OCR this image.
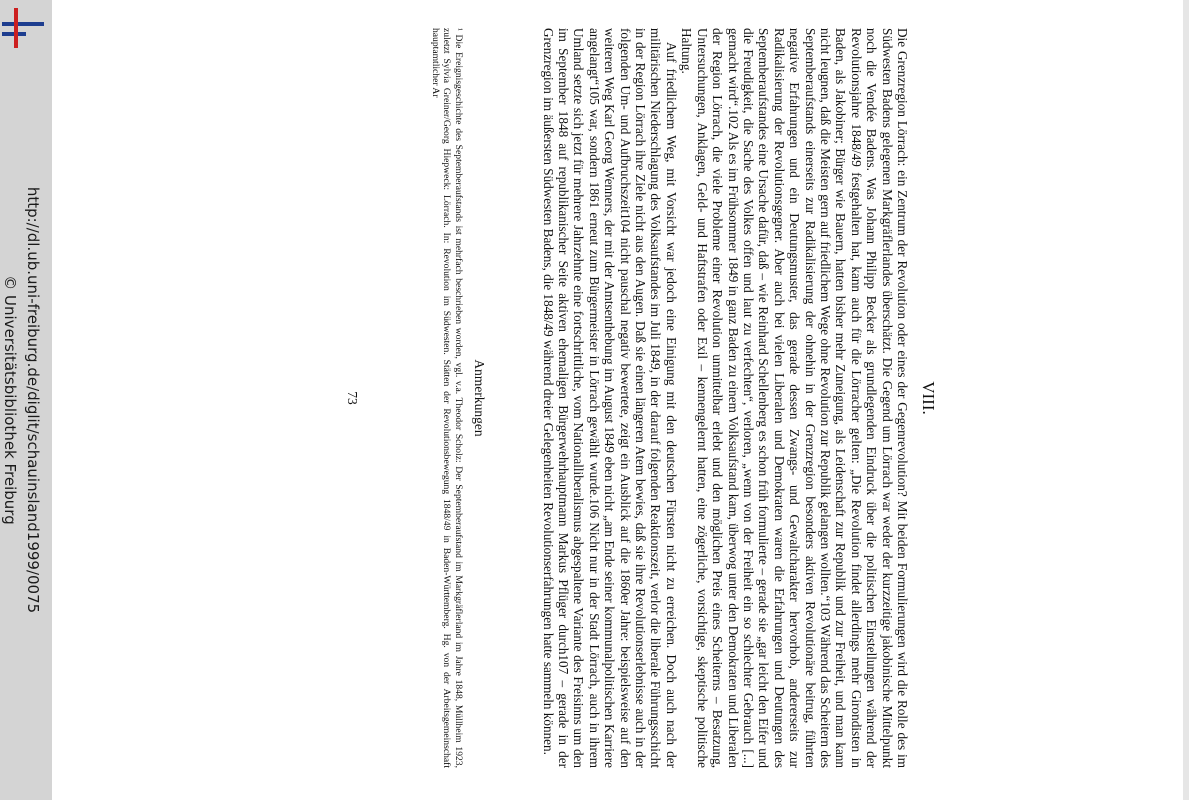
http://dl.ub.uni-freiburg.de/diglit/schauinsland1999/0075
© Universitätsbibliothek Freiburg	VIII.

Die Grenzregion Lörrach: ein Zentrum der Revolution oder eines der Gegenrevolution? Mit beiden Formulierungen wird die Rolle des im Südwesten Badens gelegenen Markgräflerlandes überschätzt. Die Gegend um Lörrach war weder der kurzzeitige jakobinische Mittelpunkt noch die Vendée Badens. Was Johann Philipp Becker als grundlegenden Eindruck über die politischen Einstellungen während der Revolutionsjahre 1848/49 festgehalten hat, kann auch für die Lörracher gelten: „Die Revolution findet allerdings mehr Girondisten in Baden, als Jakobiner; Bürger wie Bauern, hatten bisher mehr Zuneigung, als Leidenschaft zur Republik und zur Freiheit, und man kann nicht leugnen, daß die Meisten gern auf friedlichem Wege ohne Revolution zur Republik gelangen wollten.“103 Während das Scheitern des Septemberaufstands einerseits zur Radikalisierung der ohnehin in der Grenzregion besonders aktiven Revolutionäre beitrug, führten negative Erfahrungen und ein Deutungsmuster, das gerade dessen Zwangs- und Gewaltcharakter hervorhob, andererseits zur Radikalisierung der Revolutionsgegner. Aber auch bei vielen Liberalen und Demokraten waren die Erfahrungen und Deutungen des Septemberaufstandes eine Ursache dafür, daß – wie Reinhard Schellenberg es schon früh formulierte – gerade sie „gar leicht den Eifer und die Freudigkeit, die Sache des Volkes offen und laut zu verfechten“, verloren, „wenn von der Freiheit ein so schlechter Gebrauch [...] gemacht wird“.102 Als es im Frühsommer 1849 in ganz Baden zu einem Volksaufstand kam, überwog unter den Demokraten und Liberalen der Region Lörrach, die viele Probleme einer Revolution unmittelbar erlebt und den möglichen Preis eines Scheiterns – Besatzung, Untersuchungen, Anklagen, Geld- und Haftstrafen oder Exil – kennengelernt hatten, eine zögerliche, vorsichtige, skeptische politische Haltung.

Auf friedlichem Weg, mit Vorsicht war jedoch eine Einigung mit den deutschen Fürsten nicht zu erreichen. Doch auch nach der militärischen Niederschlagung des Volksaufstandes im Juli 1849, in der darauf folgenden Reaktionszeit, verlor die liberale Führungsschicht in der Region Lörrach ihre Ziele nicht aus den Augen. Daß sie einen längeren Atem bewies, daß sie ihre Revolutionserlebnisse auch in der folgenden Um- und Aufbruchszeit104 nicht pauschal negativ bewertete, zeigt ein Ausblick auf die 1860er Jahre: beispielsweise auf den weiteren Weg Karl Georg Wenners, der mit der Amtsenthebung im August 1849 eben nicht „am Ende seiner kommunalpolitischen Karriere angelangt“105 war, sondern 1861 erneut zum Bürgermeister in Lörrach gewählt wurde.106 Nicht nur in der Stadt Lörrach, auch in ihrem Umland setzte sich jetzt für mehrere Jahrzehnte eine fortschrittliche, vom Nationalliberalismus abgespaltene Variante des Freisinns um den im September 1848 auf republikanischer Seite aktiven ehemaligen Bürgerwehrhauptmann Markus Pflüger durch107 – gerade in der Grenzregion im äußersten Südwesten Badens, die 1848/49 während dreier Gelegenheiten Revolutionserfahrungen hatte sammeln können.

Anmerkungen
¹ Die Ereignisgeschichte des Septemberaufstands ist mehrfach beschrieben worden, vgl. v.a. Theodor Scholz: Der Septemberaufstand im Markgräflerland im Jahre 1848, Müllheim 1923, zuletzt Sylvia Greiner/Georg Hiepweck: Lörrach. In: Revolution im Südwesten. Stätten der Revolutionsbewegung 1848/49 in Baden-Württemberg. Hg. von der Arbeitsgemeinschaft hauptamtlicher Ar
73
